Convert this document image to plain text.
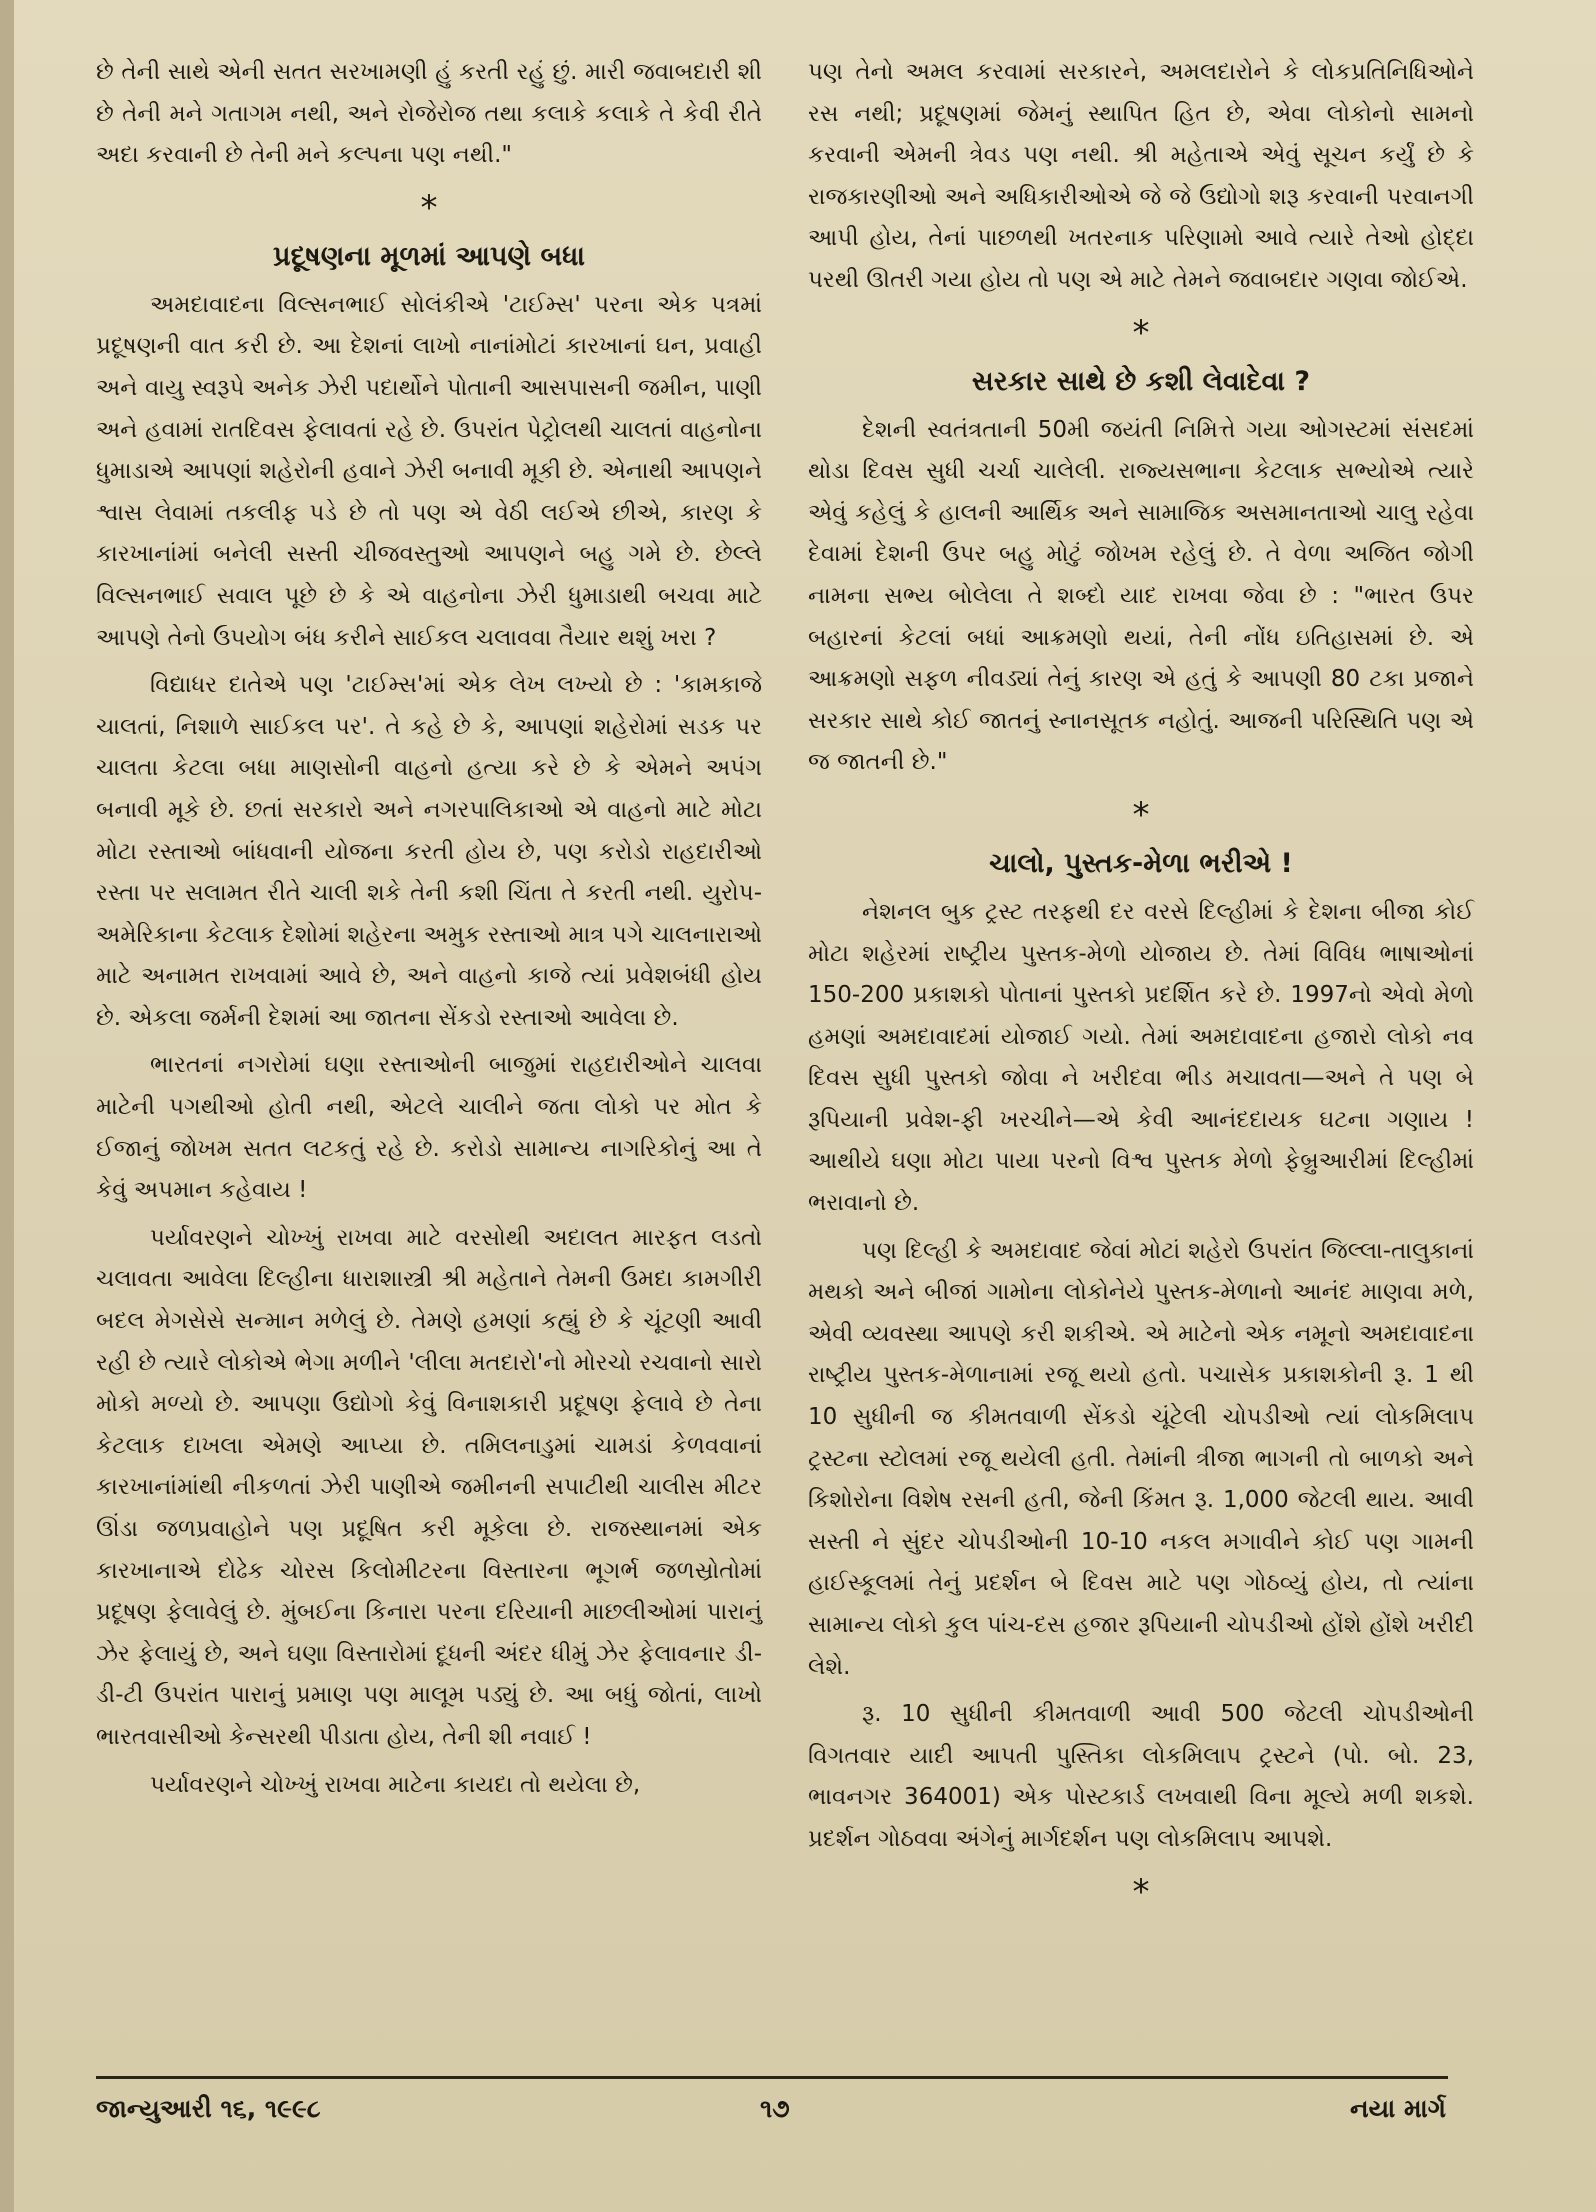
છે તેની સાથે એની સતત સરખામણી હું કરતી રહું છું. મારી જવાબદારી શી છે તેની મને ગતાગમ નથી, અને રોજેરોજ તથા કલાકે કલાકે તે કેવી રીતે અદા કરવાની છે તેની મને કલ્પના પણ નથી."

*
પ્રદૂષણના મૂળમાં આપણે બધા

અમદાવાદના વિલ્સનભાઈ સોલંકીએ 'ટાઈમ્સ' પરના એક પત્રમાં પ્રદૂષણની વાત કરી છે. આ દેશનાં લાખો નાનાંમોટાં કારખાનાં ઘન, પ્રવાહી અને વાયુ સ્વરૂપે અનેક ઝેરી પદાર્થોને પોતાની આસપાસની જમીન, પાણી અને હવામાં રાતદિવસ ફેલાવતાં રહે છે. ઉપરાંત પેટ્રોલથી ચાલતાં વાહનોના ધુમાડાએ આપણાં શહેરોની હવાને ઝેરી બનાવી મૂકી છે. એનાથી આપણને શ્વાસ લેવામાં તકલીફ પડે છે તો પણ એ વેઠી લઈએ છીએ, કારણ કે કારખાનાંમાં બનેલી સસ્તી ચીજવસ્તુઓ આપણને બહુ ગમે છે. છેલ્લે વિલ્સનભાઈ સવાલ પૂછે છે કે એ વાહનોના ઝેરી ધુમાડાથી બચવા માટે આપણે તેનો ઉપયોગ બંધ કરીને સાઈકલ ચલાવવા તૈયાર થશું ખરા ?

વિદ્યાધર દાતેએ પણ 'ટાઈમ્સ'માં એક લેખ લખ્યો છે : 'કામકાજે ચાલતાં, નિશાળે સાઈકલ પર'. તે કહે છે કે, આપણાં શહેરોમાં સડક પર ચાલતા કેટલા બધા માણસોની વાહનો હત્યા કરે છે કે એમને અપંગ બનાવી મૂકે છે. છતાં સરકારો અને નગરપાલિકાઓ એ વાહનો માટે મોટા મોટા રસ્તાઓ બાંધવાની યોજના કરતી હોય છે, પણ કરોડો રાહદારીઓ રસ્તા પર સલામત રીતે ચાલી શકે તેની કશી ચિંતા તે કરતી નથી. યુરોપ-અમેરિકાના કેટલાક દેશોમાં શહેરના અમુક રસ્તાઓ માત્ર પગે ચાલનારાઓ માટે અનામત રાખવામાં આવે છે, અને વાહનો કાજે ત્યાં પ્રવેશબંધી હોય છે. એકલા જર્મની દેશમાં આ જાતના સેંકડો રસ્તાઓ આવેલા છે.

ભારતનાં નગરોમાં ઘણા રસ્તાઓની બાજુમાં રાહદારીઓને ચાલવા માટેની પગથીઓ હોતી નથી, એટલે ચાલીને જતા લોકો પર મોત કે ઈજાનું જોખમ સતત લટકતું રહે છે. કરોડો સામાન્ય નાગરિકોનું આ તે કેવું અપમાન કહેવાય !

પર્યાવરણને ચોખ્ખું રાખવા માટે વરસોથી અદાલત મારફત લડતો ચલાવતા આવેલા દિલ્હીના ધારાશાસ્ત્રી શ્રી મહેતાને તેમની ઉમદા કામગીરી બદલ મેગસેસે સન્માન મળેલું છે. તેમણે હમણાં કહ્યું છે કે ચૂંટણી આવી રહી છે ત્યારે લોકોએ ભેગા મળીને 'લીલા મતદારો'નો મોરચો રચવાનો સારો મોકો મળ્યો છે. આપણા ઉદ્યોગો કેવું વિનાશકારી પ્રદૂષણ ફેલાવે છે તેના કેટલાક દાખલા એમણે આપ્યા છે. તમિલનાડુમાં ચામડાં કેળવવાનાં કારખાનાંમાંથી નીકળતાં ઝેરી પાણીએ જમીનની સપાટીથી ચાલીસ મીટર ઊંડા જળપ્રવાહોને પણ પ્રદૂષિત કરી મૂકેલા છે. રાજસ્થાનમાં એક કારખાનાએ દોઢેક ચોરસ કિલોમીટરના વિસ્તારના ભૂગર્ભ જળસ્રોતોમાં પ્રદૂષણ ફેલાવેલું છે. મુંબઈના કિનારા પરના દરિયાની માછલીઓમાં પારાનું ઝેર ફેલાયું છે, અને ઘણા વિસ્તારોમાં દૂધની અંદર ધીમું ઝેર ફેલાવનાર ડી-ડી-ટી ઉપરાંત પારાનું પ્રમાણ પણ માલૂમ પડ્યું છે. આ બધું જોતાં, લાખો ભારતવાસીઓ કેન્સરથી પીડાતા હોય, તેની શી નવાઈ !

પર્યાવરણને ચોખ્ખું રાખવા માટેના કાયદા તો થયેલા છે,

પણ તેનો અમલ કરવામાં સરકારને, અમલદારોને કે લોકપ્રતિનિધિઓને રસ નથી; પ્રદૂષણમાં જેમનું સ્થાપિત હિત છે, એવા લોકોનો સામનો કરવાની એમની ત્રેવડ પણ નથી. શ્રી મહેતાએ એવું સૂચન કર્યું છે કે રાજકારણીઓ અને અધિકારીઓએ જે જે ઉદ્યોગો શરૂ કરવાની પરવાનગી આપી હોય, તેનાં પાછળથી ખતરનાક પરિણામો આવે ત્યારે તેઓ હોદ્દા પરથી ઊતરી ગયા હોય તો પણ એ માટે તેમને જવાબદાર ગણવા જોઈએ.

*
સરકાર સાથે છે કશી લેવાદેવા ?

દેશની સ્વતંત્રતાની 50મી જયંતી નિમિત્તે ગયા ઓગસ્ટમાં સંસદમાં થોડા દિવસ સુધી ચર્ચા ચાલેલી. રાજ્યસભાના કેટલાક સભ્યોએ ત્યારે એવું કહેલું કે હાલની આર્થિક અને સામાજિક અસમાનતાઓ ચાલુ રહેવા દેવામાં દેશની ઉપર બહુ મોટું જોખમ રહેલું છે. તે વેળા અજિત જોગી નામના સભ્ય બોલેલા તે શબ્દો યાદ રાખવા જેવા છે : "ભારત ઉપર બહારનાં કેટલાં બધાં આક્રમણો થયાં, તેની નોંધ ઇતિહાસમાં છે. એ આક્રમણો સફળ નીવડ્યાં તેનું કારણ એ હતું કે આપણી 80 ટકા પ્રજાને સરકાર સાથે કોઈ જાતનું સ્નાનસૂતક નહોતું. આજની પરિસ્થિતિ પણ એ જ જાતની છે."

*
ચાલો, પુસ્તક-મેળા ભરીએ !

નેશનલ બુક ટ્રસ્ટ તરફથી દર વરસે દિલ્હીમાં કે દેશના બીજા કોઈ મોટા શહેરમાં રાષ્ટ્રીય પુસ્તક-મેળો યોજાય છે. તેમાં વિવિધ ભાષાઓનાં 150-200 પ્રકાશકો પોતાનાં પુસ્તકો પ્રદર્શિત કરે છે. 1997નો એવો મેળો હમણાં અમદાવાદમાં યોજાઈ ગયો. તેમાં અમદાવાદના હજારો લોકો નવ દિવસ સુધી પુસ્તકો જોવા ને ખરીદવા ભીડ મચાવતા—અને તે પણ બે રૂપિયાની પ્રવેશ-ફી ખરચીને—એ કેવી આનંદદાયક ઘટના ગણાય ! આથીયે ઘણા મોટા પાયા પરનો વિશ્વ પુસ્તક મેળો ફેબ્રુઆરીમાં દિલ્હીમાં ભરાવાનો છે.

પણ દિલ્હી કે અમદાવાદ જેવાં મોટાં શહેરો ઉપરાંત જિલ્લા-તાલુકાનાં મથકો અને બીજાં ગામોના લોકોનેયે પુસ્તક-મેળાનો આનંદ માણવા મળે, એવી વ્યવસ્થા આપણે કરી શકીએ. એ માટેનો એક નમૂનો અમદાવાદના રાષ્ટ્રીય પુસ્તક-મેળાનામાં રજૂ થયો હતો. પચાસેક પ્રકાશકોની રૂ. 1 થી 10 સુધીની જ કીમતવાળી સેંકડો ચૂંટેલી ચોપડીઓ ત્યાં લોકમિલાપ ટ્રસ્ટના સ્ટોલમાં રજૂ થયેલી હતી. તેમાંની ત્રીજા ભાગની તો બાળકો અને કિશોરોના વિશેષ રસની હતી, જેની કિંમત રૂ. 1,000 જેટલી થાય. આવી સસ્તી ને સુંદર ચોપડીઓની 10-10 નકલ મગાવીને કોઈ પણ ગામની હાઈસ્કૂલમાં તેનું પ્રદર્શન બે દિવસ માટે પણ ગોઠવ્યું હોય, તો ત્યાંના સામાન્ય લોકો કુલ પાંચ-દસ હજાર રૂપિયાની ચોપડીઓ હોંશે હોંશે ખરીદી લેશે.

રૂ. 10 સુધીની કીમતવાળી આવી 500 જેટલી ચોપડીઓની વિગતવાર યાદી આપતી પુસ્તિકા લોકમિલાપ ટ્રસ્ટને (પો. બો. 23, ભાવનગર 364001) એક પોસ્ટકાર્ડ લખવાથી વિના મૂલ્યે મળી શકશે. પ્રદર્શન ગોઠવવા અંગેનું માર્ગદર્શન પણ લોકમિલાપ આપશે.

*
જાન્યુઆરી ૧૬, ૧૯૯૮	૧૭	નયા માર્ગ
